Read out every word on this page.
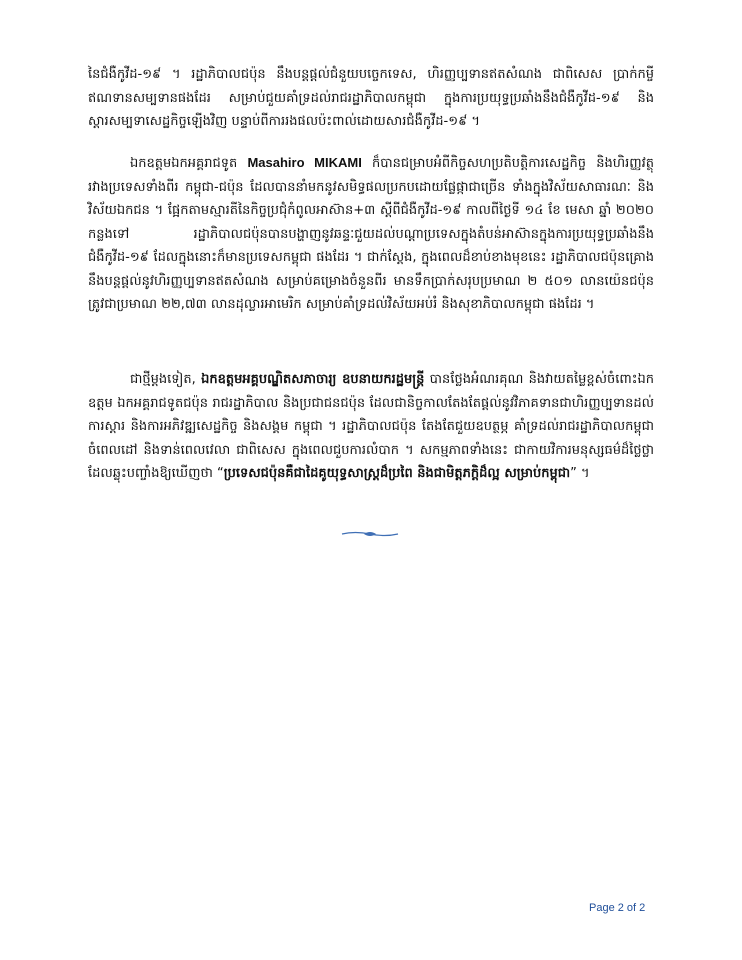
នៃជំងឺកូវីដ-១៩ ។ រដ្ឋាភិបាលជប៉ុន នឹងបន្តផ្តល់ជំនួយបច្ចេកទេស, ហិរញ្ញប្បទានឥតសំណង ជាពិសេស ប្រាក់កម្ចីឥណទានសម្បទានផងដែរ សម្រាប់ជួយគាំទ្រដល់រាជរដ្ឋាភិបាលកម្ពុជា ក្នុងការប្រយុទ្ធប្រឆាំងនឹងជំងឺកូវីដ-១៩ និងស្តារសម្បទាសេដ្ឋកិច្ចឡើងវិញ បន្ទាប់ពីការរងផលប៉ះពាល់ដោយសារជំងឺកូវីដ-១៩ ។
ឯកឧត្តមឯកអគ្គរាជទូត Masahiro MIKAMI ក៏បានជម្រាបអំពីកិច្ចសហប្រតិបត្តិការសេដ្ឋកិច្ច និងហិរញ្ញវត្ថុ រវាងប្រទេសទាំងពីរ កម្ពុជា-ជប៉ុន ដែលបាននាំមកនូវសមិទ្ធផលប្រកបដោយផ្លែផ្កាជាច្រើន ទាំងក្នុងវិស័យសាធារណៈ និងវិស័យឯកជន ។ ផ្អែកតាមស្មារតីនៃកិច្ចប្រជុំកំពូលអាស៊ាន+៣ ស្តីពីជំងឺកូវីដ-១៩ កាលពីថ្ងៃទី ១៤ ខែ មេសា ឆ្នាំ ២០២០ កន្លងទៅ រដ្ឋាភិបាលជប៉ុនបានបង្ហាញនូវឆន្ទៈជួយដល់បណ្តាប្រទេសក្នុងតំបន់អាស៊ានក្នុងការប្រយុទ្ធប្រឆាំងនឹងជំងឺកូវីដ-១៩ ដែលក្នុងនោះក៏មានប្រទេសកម្ពុជា ផងដែរ ។ ជាក់ស្តែង, ក្នុងពេលដ៏ខាប់ខាងមុខនេះ រដ្ឋាភិបាលជប៉ុនគ្រោងនឹងបន្តផ្តល់នូវហិរញ្ញប្បទានឥតសំណង សម្រាប់គម្រោងចំនួនពីរ មានទឹកប្រាក់សរុបប្រមាណ ២ ៥០១ លានយ៉េនជប៉ុន ត្រូវជាប្រមាណ ២២,៧៣ លានដុល្លារអាមេរិក សម្រាប់គាំទ្រដល់វិស័យអប់រំ និងសុខាភិបាលកម្ពុជា ផងដែរ ។
ជាថ្មីម្តងទៀត, ឯកឧត្តមអគ្គបណ្ឌិតសភាចារ្យ ឧបនាយករដ្ឋមន្ត្រី បានថ្លែងអំណរគុណ និងវាយតម្លៃខ្ពស់ចំពោះឯកឧត្តម ឯកអគ្គរាជទូតជប៉ុន រាជរដ្ឋាភិបាល និងប្រជាជនជប៉ុន ដែលជានិច្ចកាលតែងតែផ្តល់នូវវិភាគទានជាហិរញ្ញប្បទានដល់ការស្តារ និងការអភិវឌ្ឍសេដ្ឋកិច្ច និងសង្គម កម្ពុជា ។ រដ្ឋាភិបាលជប៉ុន តែងតែជួយឧបត្ថម្ភ គាំទ្រដល់រាជរដ្ឋាភិបាលកម្ពុជា ចំពេលដៅ និងទាន់ពេលវេលា ជាពិសេស ក្នុងពេលជួបការលំបាក ។ សកម្មភាពទាំងនេះ ជាកាយវិការមនុស្សធម៌ដ៏ថ្លៃថ្លា ដែលឆ្លុះបញ្ចាំងឱ្យឃើញថា “ប្រទេសជប៉ុនគឺជាដៃគូយុទ្ធសាស្ត្រដ៏ប្រពៃ និងជាមិត្តភក្តិដ៏ល្អ សម្រាប់កម្ពុជា” ។
Page 2 of 2
